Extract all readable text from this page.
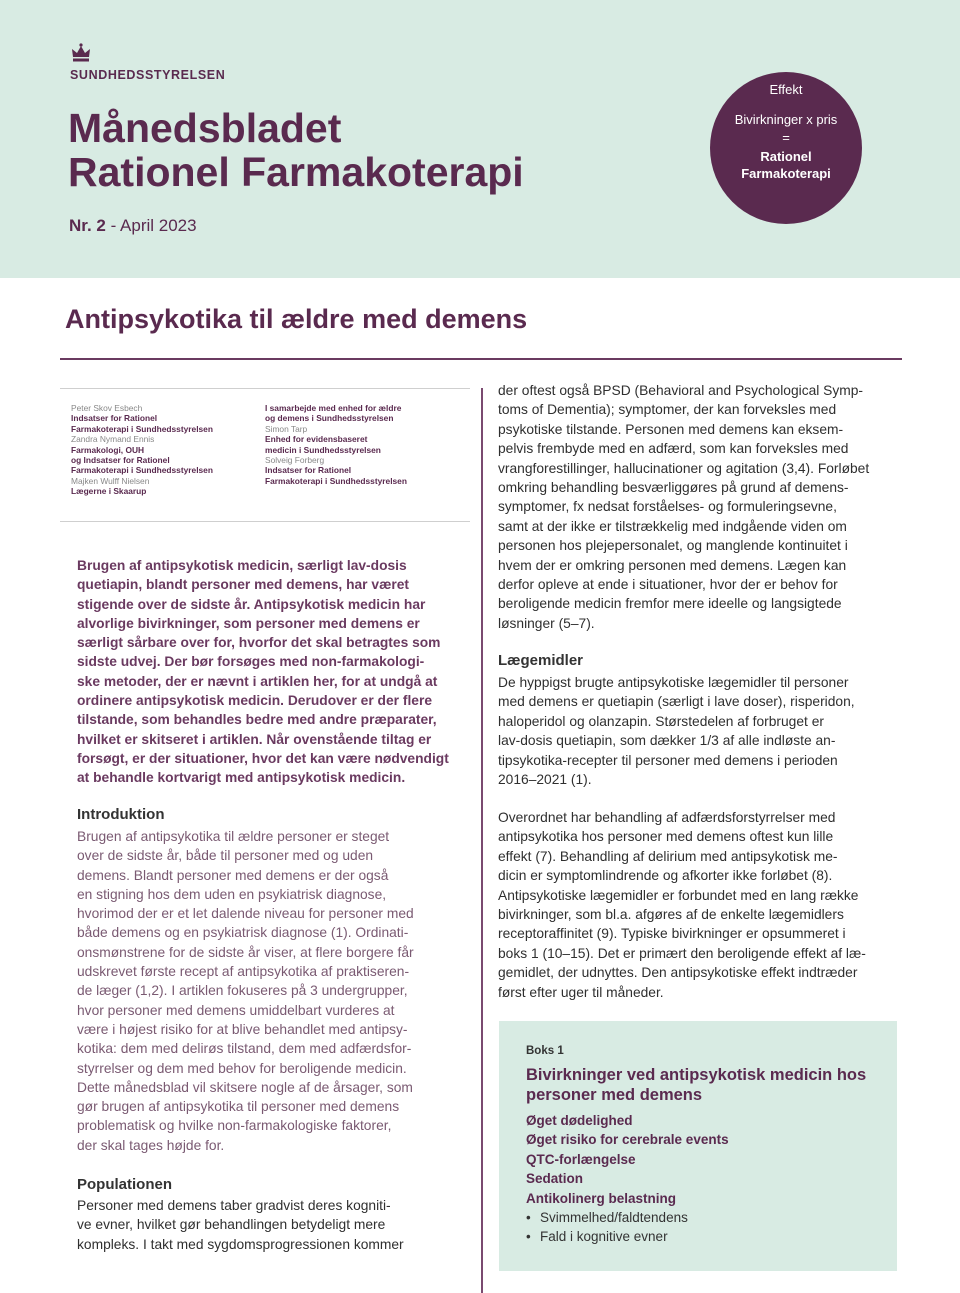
SUNDHEDSSTYRELSEN
Månedsbladet
Rationel Farmakoterapi
Nr. 2 - April 2023
Effekt
Bivirkninger x pris
=
Rationel
Farmakoterapi
Antipsykotika til ældre med demens
Peter Skov Esbech
Indsatser for Rationel
Farmakoterapi i Sundhedsstyrelsen
Zandra Nymand Ennis
Farmakologi, OUH
og Indsatser for Rationel
Farmakoterapi i Sundhedsstyrelsen
Majken Wulff Nielsen
Lægerne i Skaarup
I samarbejde med enhed for ældre
og demens i Sundhedsstyrelsen
Simon Tarp
Enhed for evidensbaseret
medicin i Sundhedsstyrelsen
Solveig Forberg
Indsatser for Rationel
Farmakoterapi i Sundhedsstyrelsen
Brugen af antipsykotisk medicin, særligt lav-dosis
quetiapin, blandt personer med demens, har været
stigende over de sidste år. Antipsykotisk medicin har
alvorlige bivirkninger, som personer med demens er
særligt sårbare over for, hvorfor det skal betragtes som
sidste udvej. Der bør forsøges med non-farmakologi-
ske metoder, der er nævnt i artiklen her, for at undgå at
ordinere antipsykotisk medicin. Derudover er der flere
tilstande, som behandles bedre med andre præparater,
hvilket er skitseret i artiklen. Når ovenstående tiltag er
forsøgt, er der situationer, hvor det kan være nødvendigt
at behandle kortvarigt med antipsykotisk medicin.
Introduktion
Brugen af antipsykotika til ældre personer er steget
over de sidste år, både til personer med og uden
demens. Blandt personer med demens er der også
en stigning hos dem uden en psykiatrisk diagnose,
hvorimod der er et let dalende niveau for personer med
både demens og en psykiatrisk diagnose (1). Ordinati-
onsmønstrene for de sidste år viser, at flere borgere får
udskrevet første recept af antipsykotika af praktiseren-
de læger (1,2). I artiklen fokuseres på 3 undergrupper,
hvor personer med demens umiddelbart vurderes at
være i højest risiko for at blive behandlet med antipsy-
kotika: dem med delirøs tilstand, dem med adfærdsfor-
styrrelser og dem med behov for beroligende medicin.
Dette månedsblad vil skitsere nogle af de årsager, som
gør brugen af antipsykotika til personer med demens
problematisk og hvilke non-farmakologiske faktorer,
der skal tages højde for.
Populationen
Personer med demens taber gradvist deres kogniti-
ve evner, hvilket gør behandlingen betydeligt mere
kompleks. I takt med sygdomsprogressionen kommer
der oftest også BPSD (Behavioral and Psychological Symp-
toms of Dementia); symptomer, der kan forveksles med
psykotiske tilstande. Personen med demens kan eksem-
pelvis frembyde med en adfærd, som kan forveksles med
vrangforestillinger, hallucinationer og agitation (3,4). Forløbet
omkring behandling besværliggøres på grund af demens-
symptomer, fx nedsat forståelses- og formuleringsevne,
samt at der ikke er tilstrækkelig med indgående viden om
personen hos plejepersonalet, og manglende kontinuitet i
hvem der er omkring personen med demens. Lægen kan
derfor opleve at ende i situationer, hvor der er behov for
beroligende medicin fremfor mere ideelle og langsigtede
løsninger (5–7).
Lægemidler
De hyppigst brugte antipsykotiske lægemidler til personer
med demens er quetiapin (særligt i lave doser), risperidon,
haloperidol og olanzapin. Størstedelen af forbruget er
lav-dosis quetiapin, som dækker 1/3 af alle indløste an-
tipsykotika-recepter til personer med demens i perioden
2016–2021 (1).
Overordnet har behandling af adfærdsforstyrrelser med
antipsykotika hos personer med demens oftest kun lille
effekt (7). Behandling af delirium med antipsykotisk me-
dicin er symptomlindrende og afkorter ikke forløbet (8).
Antipsykotiske lægemidler er forbundet med en lang række
bivirkninger, som bl.a. afgøres af de enkelte lægemidlers
receptoraffinitet (9). Typiske bivirkninger er opsummeret i
boks 1 (10–15). Det er primært den beroligende effekt af læ-
gemidlet, der udnyttes. Den antipsykotiske effekt indtræder
først efter uger til måneder.
Boks 1
Bivirkninger ved antipsykotisk medicin hos personer med demens
Øget dødelighed
Øget risiko for cerebrale events
QTC-forlængelse
Sedation
Antikolinerg belastning
• Svimmelhed/faldtendens
• Fald i kognitive evner
